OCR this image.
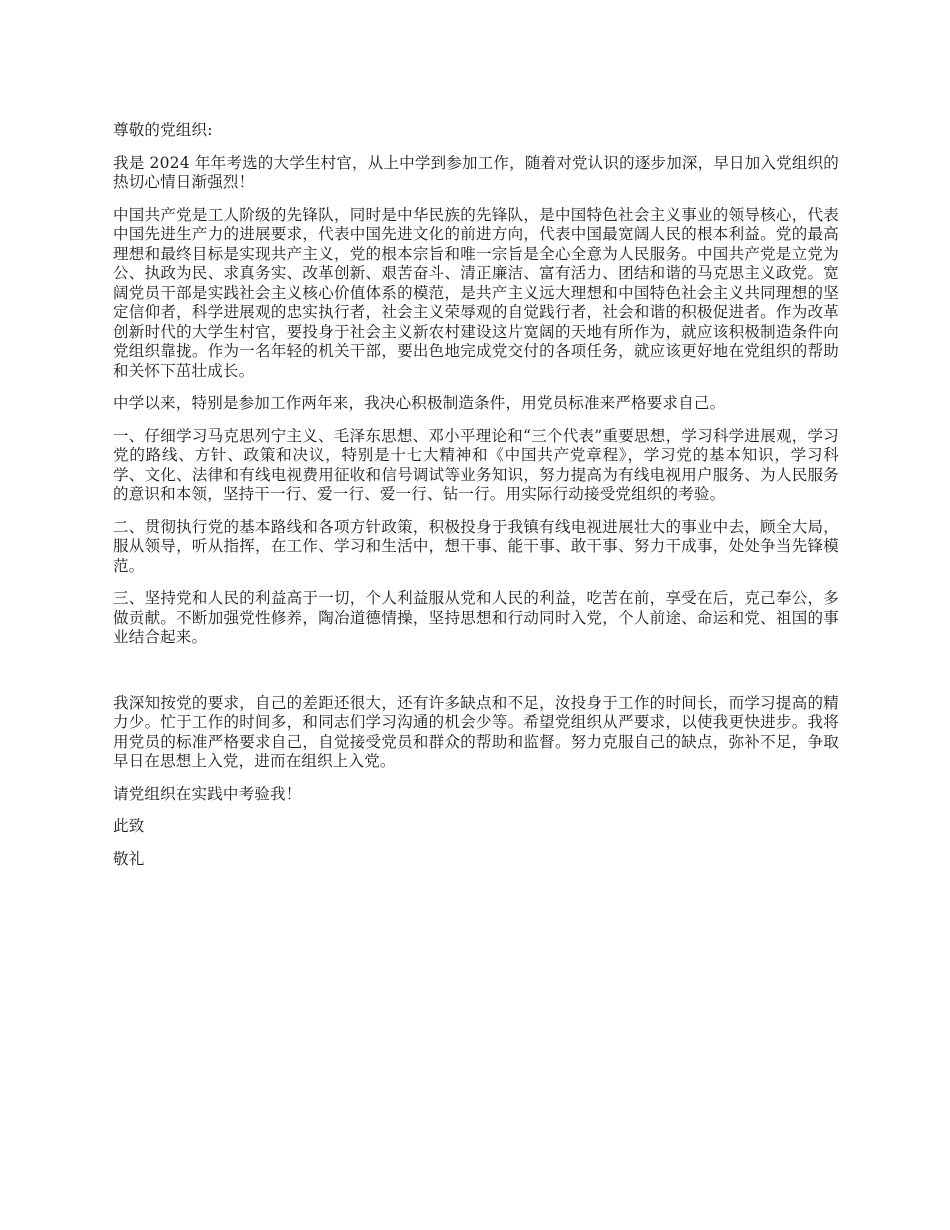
尊敬的党组织:

我是 2024 年年考选的大学生村官，从上中学到参加工作，随着对党认识的逐步加深，早日加入党组织的热切心情日渐强烈！

中国共产党是工人阶级的先锋队，同时是中华民族的先锋队，是中国特色社会主义事业的领导核心，代表中国先进生产力的进展要求，代表中国先进文化的前进方向，代表中国最宽阔人民的根本利益。党的最高理想和最终目标是实现共产主义，党的根本宗旨和唯一宗旨是全心全意为人民服务。中国共产党是立党为公、执政为民、求真务实、改革创新、艰苦奋斗、清正廉洁、富有活力、团结和谐的马克思主义政党。宽阔党员干部是实践社会主义核心价值体系的模范，是共产主义远大理想和中国特色社会主义共同理想的坚定信仰者，科学进展观的忠实执行者，社会主义荣辱观的自觉践行者，社会和谐的积极促进者。作为改革创新时代的大学生村官，要投身于社会主义新农村建设这片宽阔的天地有所作为，就应该积极制造条件向党组织靠拢。作为一名年轻的机关干部，要出色地完成党交付的各项任务，就应该更好地在党组织的帮助和关怀下茁壮成长。

中学以来，特别是参加工作两年来，我决心积极制造条件，用党员标准来严格要求自己。

一、仔细学习马克思列宁主义、毛泽东思想、邓小平理论和“三个代表”重要思想，学习科学进展观，学习党的路线、方针、政策和决议，特别是十七大精神和《中国共产党章程》，学习党的基本知识，学习科学、文化、法律和有线电视费用征收和信号调试等业务知识，努力提高为有线电视用户服务、为人民服务的意识和本领，坚持干一行、爱一行、爱一行、钻一行。用实际行动接受党组织的考验。

二、贯彻执行党的基本路线和各项方针政策，积极投身于我镇有线电视进展壮大的事业中去，顾全大局，服从领导，听从指挥，在工作、学习和生活中，想干事、能干事、敢干事、努力干成事，处处争当先锋模范。

三、坚持党和人民的利益高于一切，个人利益服从党和人民的利益，吃苦在前，享受在后，克己奉公，多做贡献。不断加强党性修养，陶冶道德情操，坚持思想和行动同时入党，个人前途、命运和党、祖国的事业结合起来。

我深知按党的要求，自己的差距还很大，还有许多缺点和不足，汝投身于工作的时间长，而学习提高的精力少。忙于工作的时间多，和同志们学习沟通的机会少等。希望党组织从严要求，以使我更快进步。我将用党员的标准严格要求自己，自觉接受党员和群众的帮助和监督。努力克服自己的缺点，弥补不足，争取早日在思想上入党，进而在组织上入党。

请党组织在实践中考验我！

此致

敬礼
